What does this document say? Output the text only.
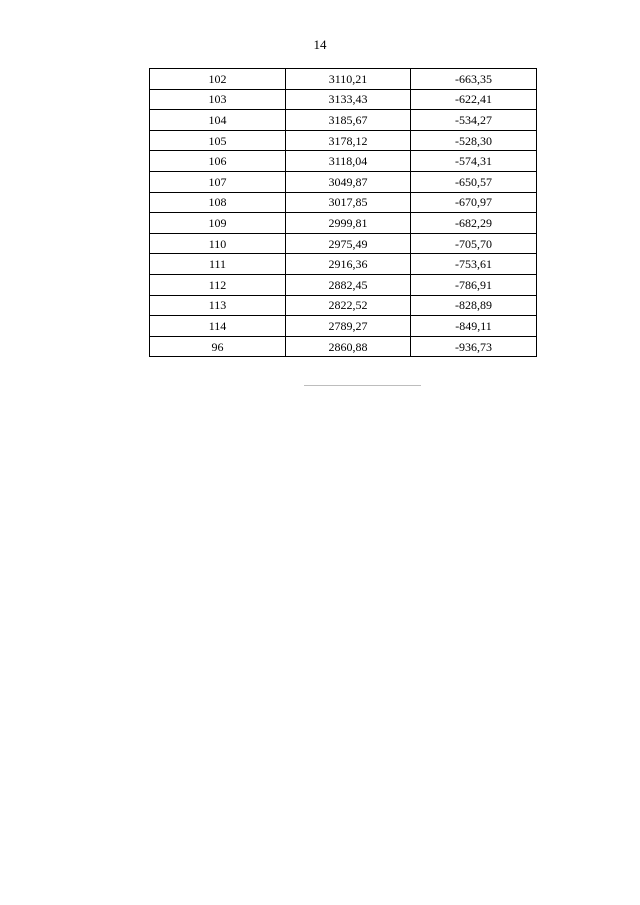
14
102	3110,21	-663,35
103	3133,43	-622,41
104	3185,67	-534,27
105	3178,12	-528,30
106	3118,04	-574,31
107	3049,87	-650,57
108	3017,85	-670,97
109	2999,81	-682,29
110	2975,49	-705,70
111	2916,36	-753,61
112	2882,45	-786,91
113	2822,52	-828,89
114	2789,27	-849,11
96	2860,88	-936,73
